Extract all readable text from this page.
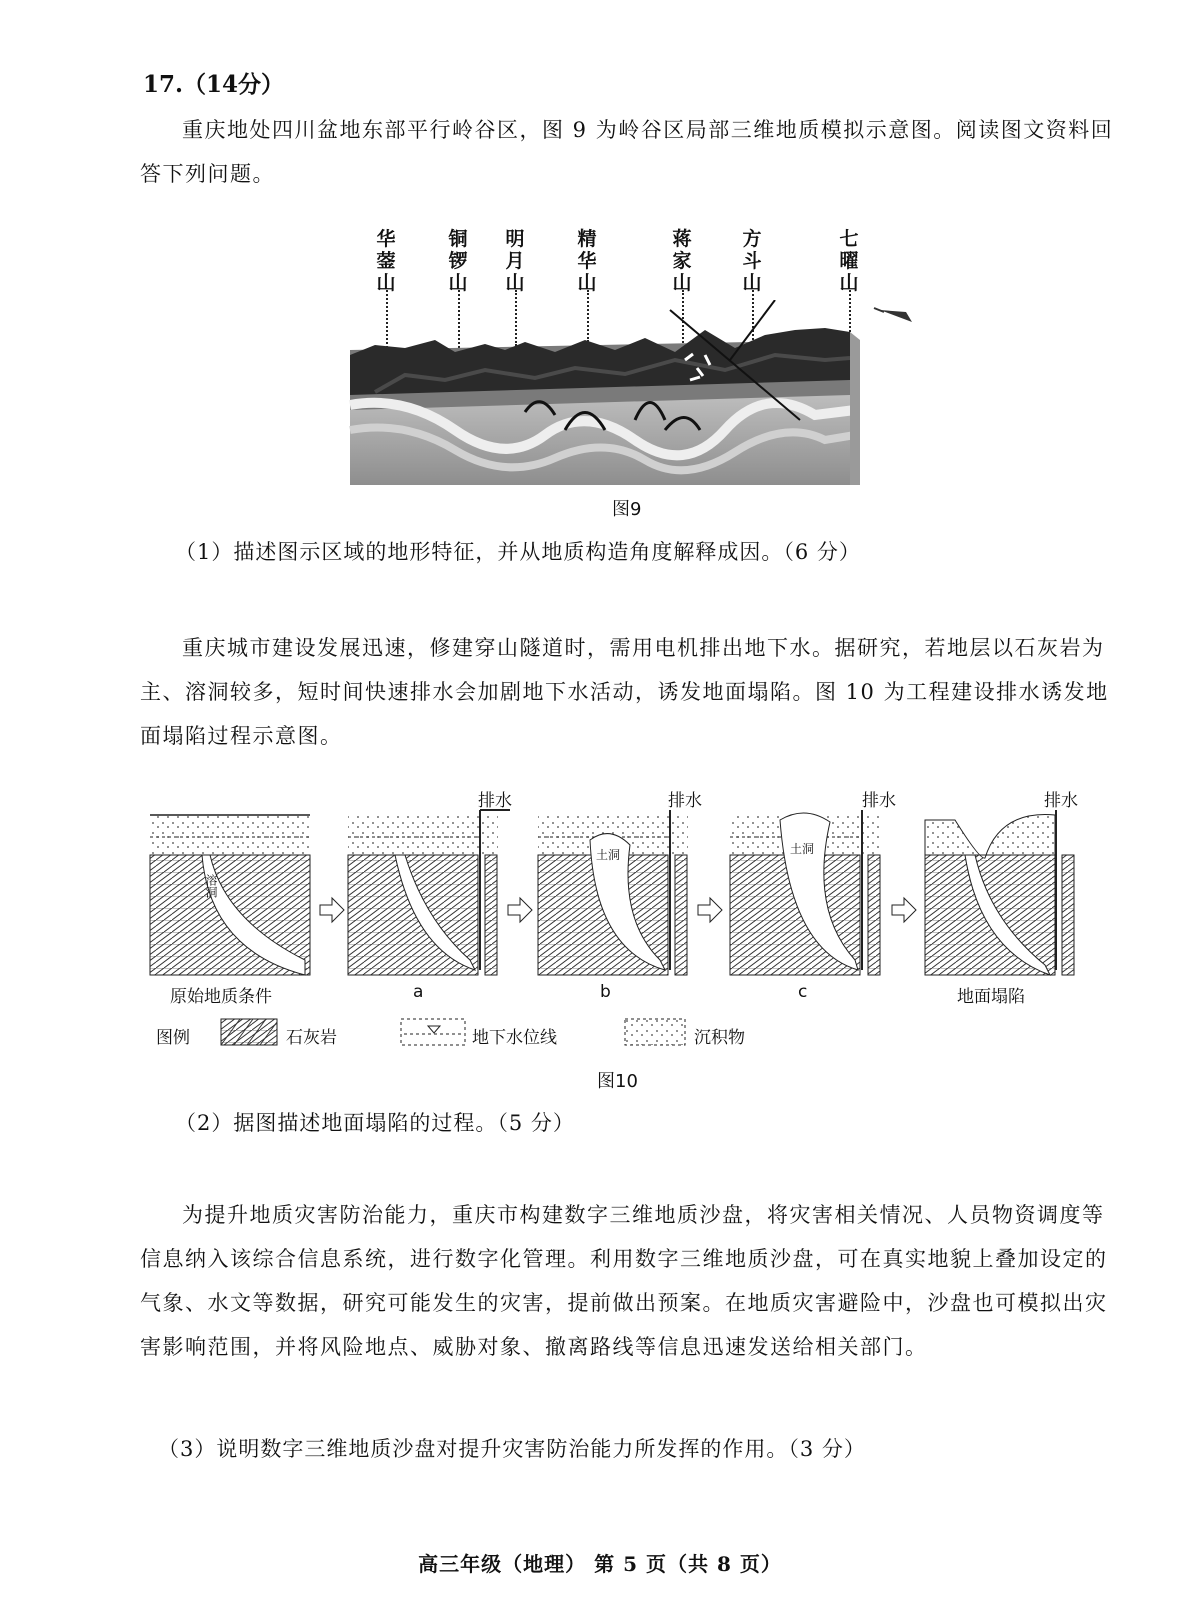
17.（14分）
重庆地处四川盆地东部平行岭谷区，图 9 为岭谷区局部三维地质模拟示意图。阅读图文资料回答下列问题。
华蓥山
铜锣山
明月山
精华山
蒋家山
方斗山
七曜山
图9
（1）描述图示区域的地形特征，并从地质构造角度解释成因。（6 分）
重庆城市建设发展迅速，修建穿山隧道时，需用电机排出地下水。据研究，若地层以石灰岩为主、溶洞较多，短时间快速排水会加剧地下水活动，诱发地面塌陷。图 10 为工程建设排水诱发地面塌陷过程示意图。
排水	排水	排水	排水
溶洞
土洞	土洞
原始地质条件	a	b	c	地面塌陷
图例	石灰岩	地下水位线	沉积物
图10
（2）据图描述地面塌陷的过程。（5 分）
为提升地质灾害防治能力，重庆市构建数字三维地质沙盘，将灾害相关情况、人员物资调度等信息纳入该综合信息系统，进行数字化管理。利用数字三维地质沙盘，可在真实地貌上叠加设定的气象、水文等数据，研究可能发生的灾害，提前做出预案。在地质灾害避险中，沙盘也可模拟出灾害影响范围，并将风险地点、威胁对象、撤离路线等信息迅速发送给相关部门。
（3）说明数字三维地质沙盘对提升灾害防治能力所发挥的作用。（3 分）
高三年级（地理） 第 5 页（共 8 页）
